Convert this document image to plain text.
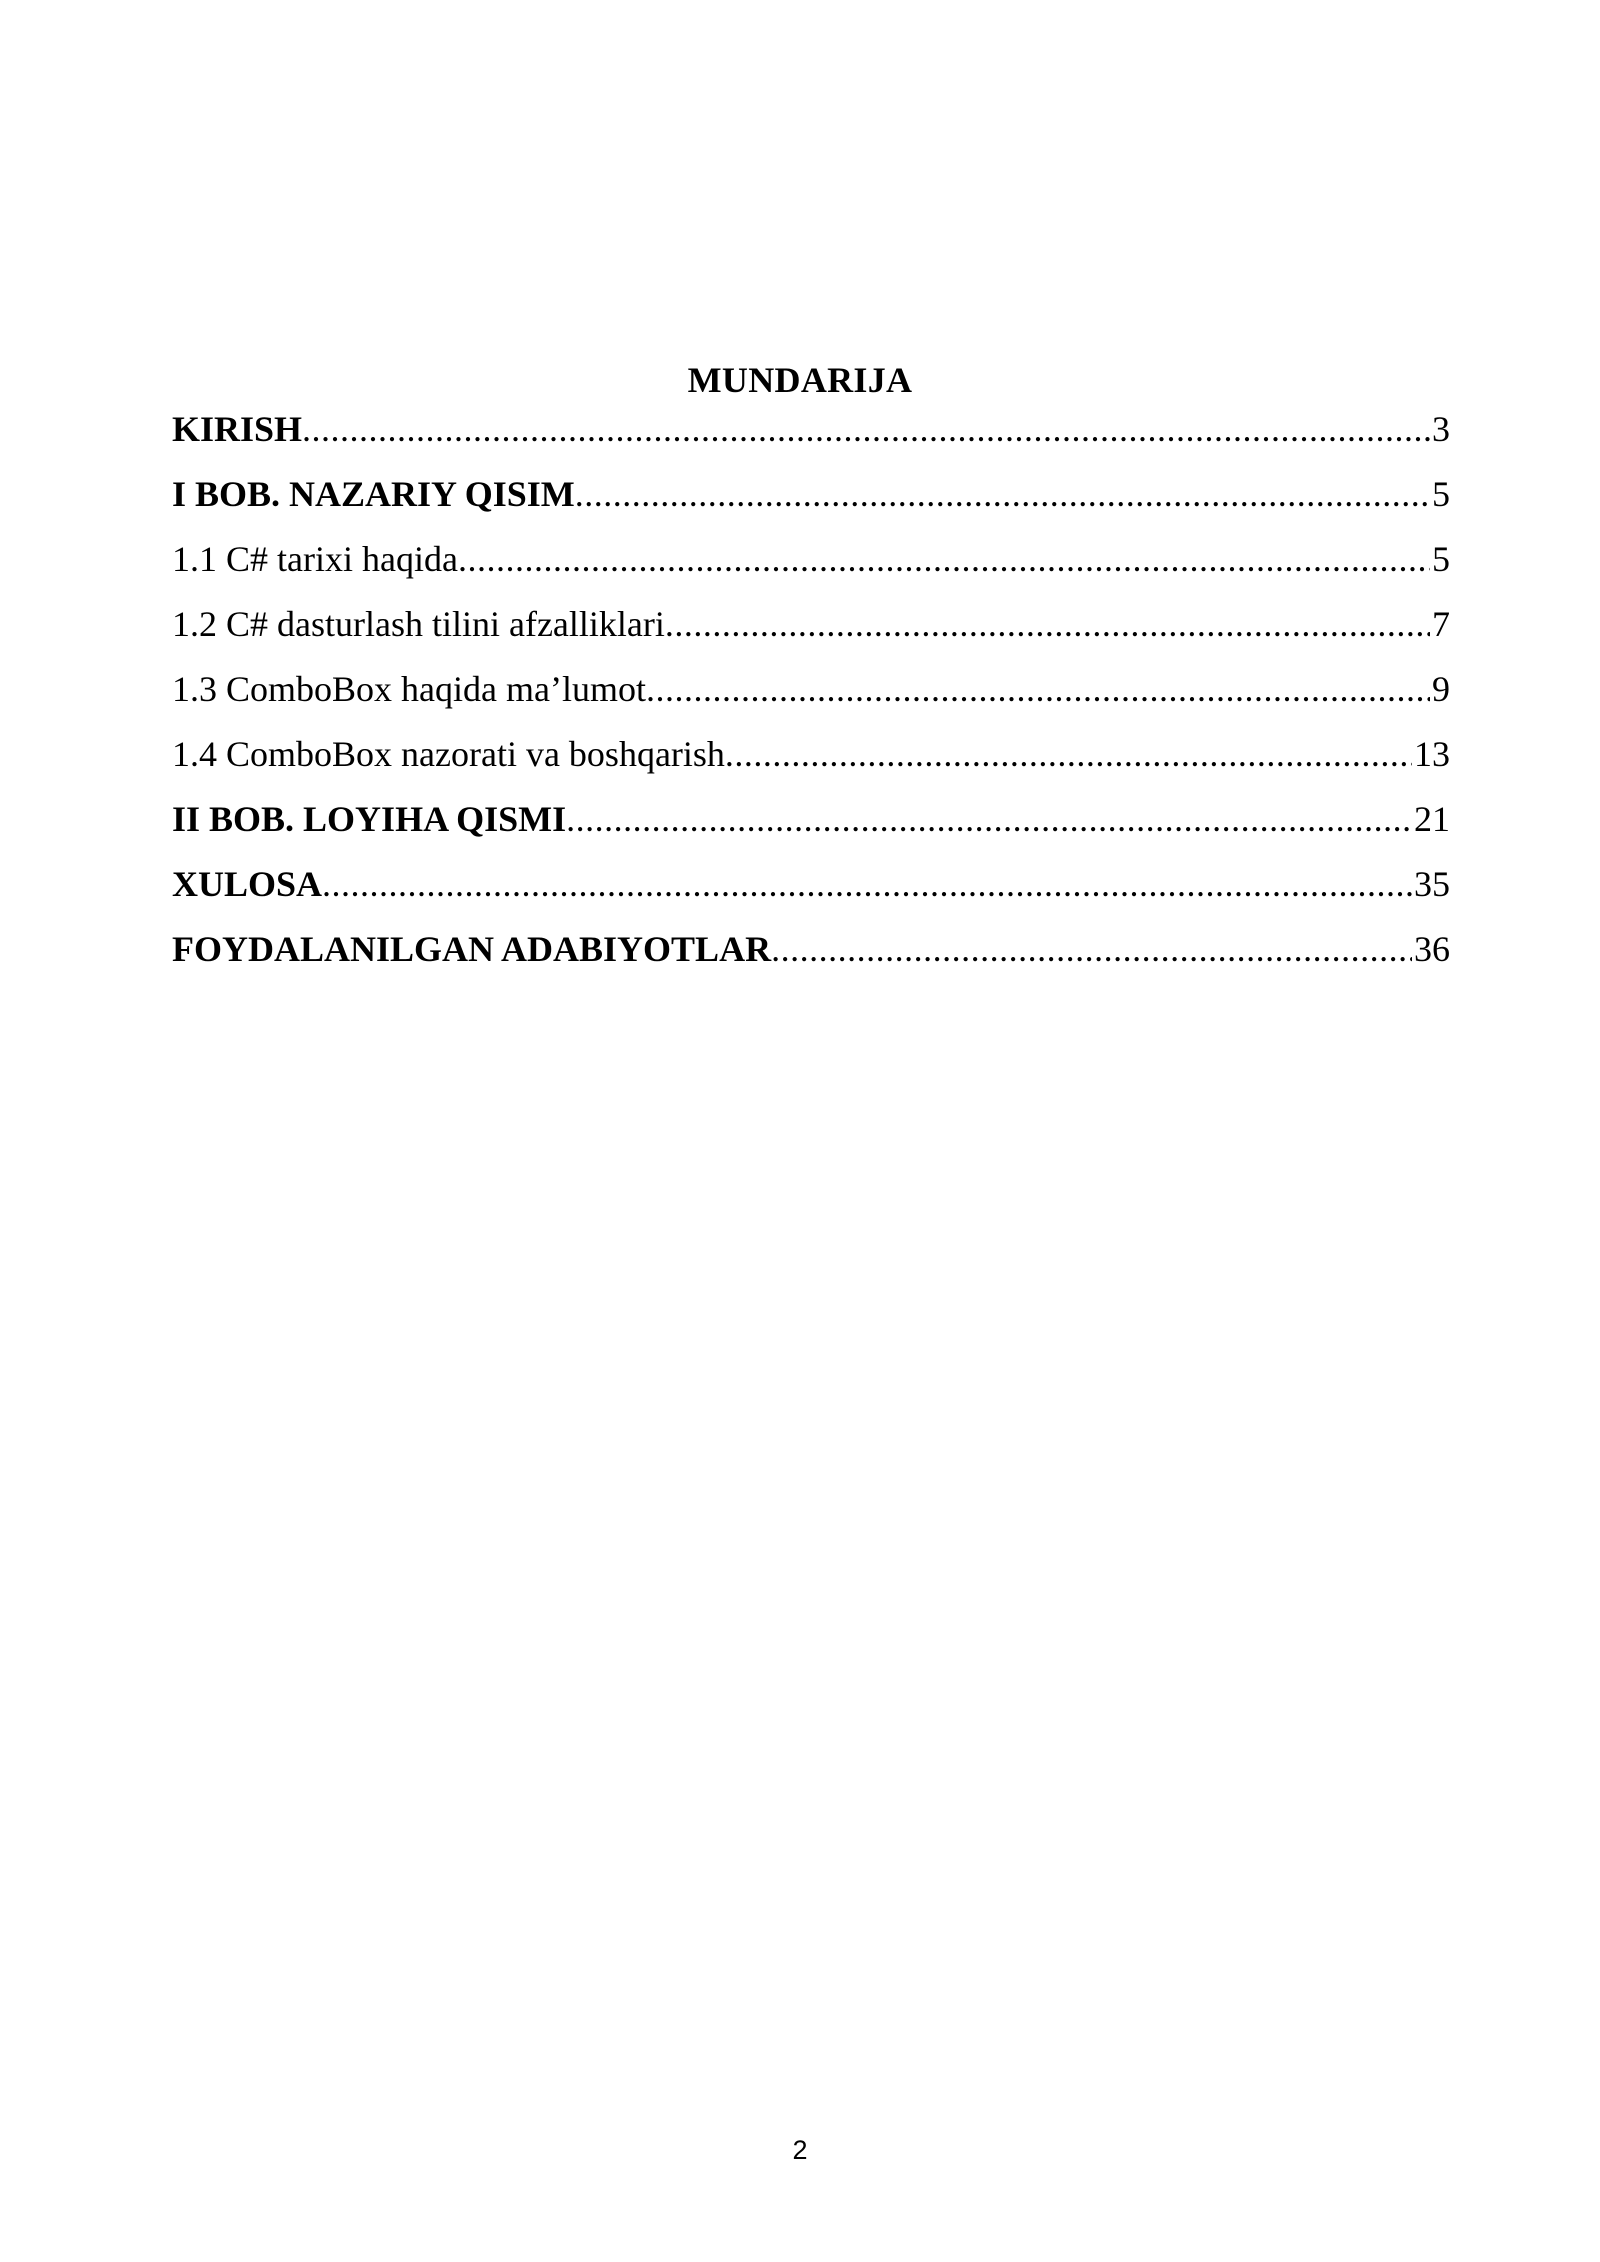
MUNDARIJA
KIRISH .....	3
I BOB. NAZARIY QISIM .....	5
1.1 C# tarixi haqida .....	5
1.2 C# dasturlash tilini afzalliklari .....	7
1.3 ComboBox haqida ma’lumot .....	9
1.4 ComboBox nazorati va boshqarish .....	13
II BOB. LOYIHA QISMI .....	21
XULOSA .....	35
FOYDALANILGAN ADABIYOTLAR .....	36
2
